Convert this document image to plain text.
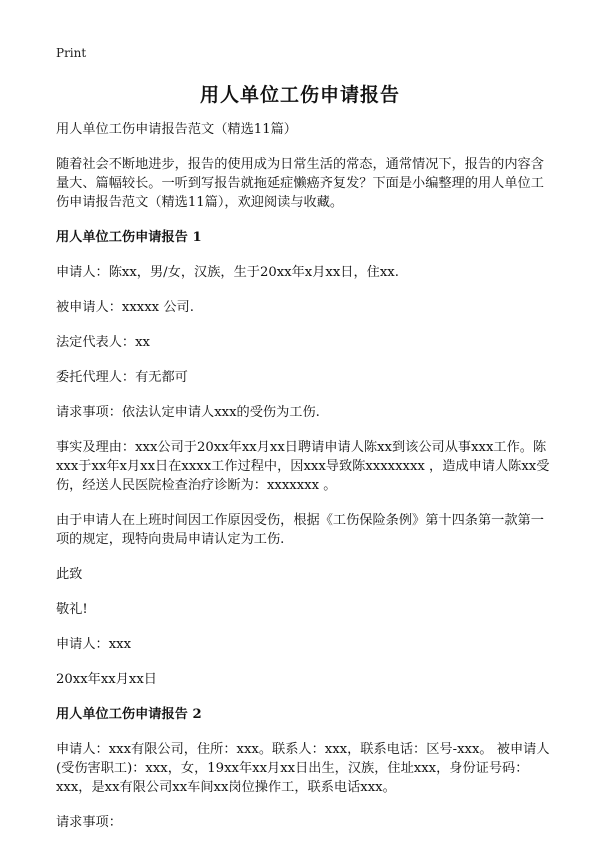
Print
用人单位工伤申请报告

用人单位工伤申请报告范文（精选11篇）

随着社会不断地进步，报告的使用成为日常生活的常态，通常情况下，报告的内容含量大、篇幅较长。一听到写报告就拖延症懒癌齐复发？下面是小编整理的用人单位工伤申请报告范文（精选11篇），欢迎阅读与收藏。

用人单位工伤申请报告 1

申请人：陈xx，男/女，汉族，生于20xx年x月xx日，住xx.

被申请人：xxxxx 公司.

法定代表人：xx

委托代理人：有无都可

请求事项：依法认定申请人xxx的受伤为工伤.

事实及理由：xxx公司于20xx年xx月xx日聘请申请人陈xx到该公司从事xxx工作。陈xxx于xx年x月xx日在xxxx工作过程中，因xxx导致陈xxxxxxxx ，造成申请人陈xx受伤，经送人民医院检查治疗诊断为：xxxxxxx 。

由于申请人在上班时间因工作原因受伤，根据《工伤保险条例》第十四条第一款第一项的规定，现特向贵局申请认定为工伤.

此致

敬礼!

申请人：xxx

20xx年xx月xx日

用人单位工伤申请报告 2

申请人：xxx有限公司，住所：xxx。联系人：xxx，联系电话：区号-xxx。 被申请人(受伤害职工)：xxx，女，19xx年xx月xx日出生，汉族，住址xxx，身份证号码：xxx，是xx有限公司xx车间xx岗位操作工，联系电话xxx。

请求事项：
